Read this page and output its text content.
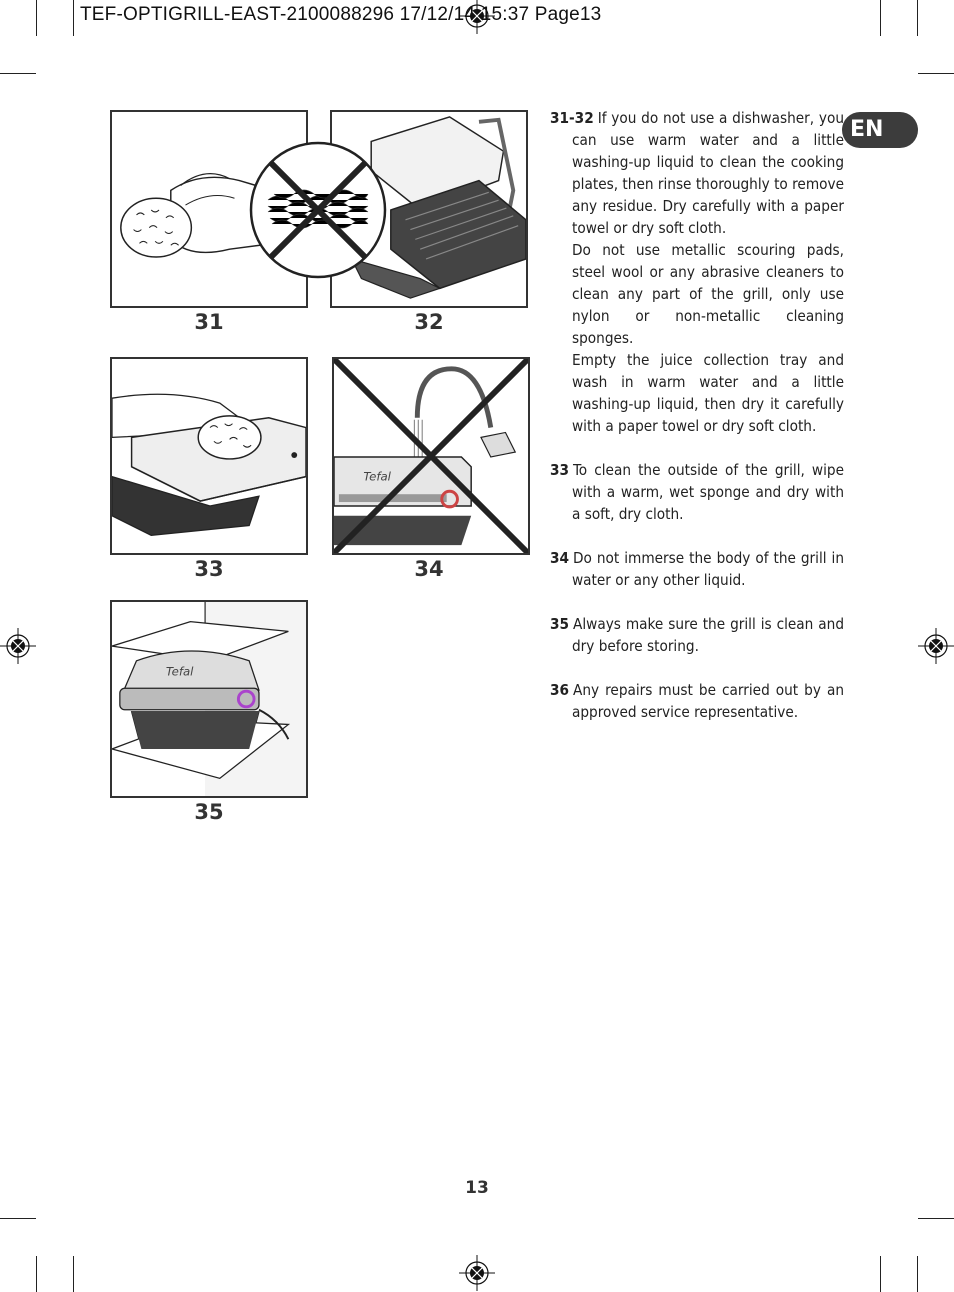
TEF-OPTIGRILL-EAST-2100088296 17/12/14 15:37 Page13
EN
31	32
33
Tefal
34
Tefal
35

31-32 If you do not use a dishwasher, you can use warm water and a little washing-up liquid to clean the cooking plates, then rinse thoroughly to remove any residue. Dry carefully with a paper towel or dry soft cloth.

Do not use metallic scouring pads, steel wool or any abrasive cleaners to clean any part of the grill, only use nylon or non-metallic cleaning sponges.

Empty the juice collection tray and wash in warm water and a little washing-up liquid, then dry it carefully with a paper towel or dry soft cloth.

33 To clean the outside of the grill, wipe with a warm, wet sponge and dry with a soft, dry cloth.

34 Do not immerse the body of the grill in water or any other liquid.

35 Always make sure the grill is clean and dry before storing.

36 Any repairs must be carried out by an approved service representative.

13
